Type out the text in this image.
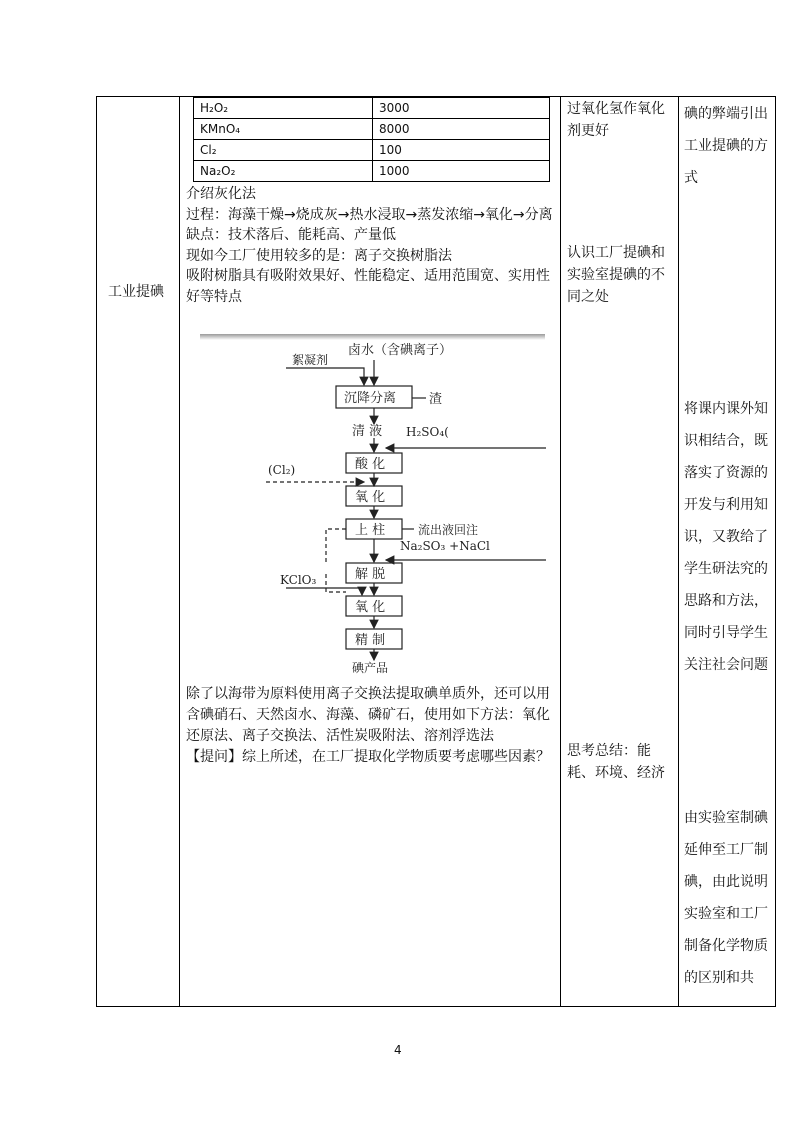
工业提碘
H₂O₂	3000
KMnO₄	8000
Cl₂	100
Na₂O₂	1000

介绍灰化法

过程：海藻干燥→烧成灰→热水浸取→蒸发浓缩→氧化→分离

缺点：技术落后、能耗高、产量低

现如今工厂使用较多的是：离子交换树脂法

吸附树脂具有吸附效果好、性能稳定、适用范围宽、实用性好等特点

卤水（含碘离子）
絮凝剂
沉降分离	渣
清 液 H₂SO₄(
酸 化
(Cl₂)
氧 化
上 柱	流出液回注
Na₂SO₃ +NaCl
解 脱
KClO₃
氧 化
精 制
碘产品

除了以海带为原料使用离子交换法提取碘单质外，还可以用含碘硝石、天然卤水、海藻、磷矿石，使用如下方法：氧化还原法、离子交换法、活性炭吸附法、溶剂浮选法

【提问】综上所述，在工厂提取化学物质要考虑哪些因素？

过氧化氢作氧化剂更好

认识工厂提碘和实验室提碘的不同之处

思考总结：能耗、环境、经济

碘的弊端引出工业提碘的方式

将课内课外知识相结合，既落实了资源的开发与利用知识，又教给了学生研法究的思路和方法，同时引导学生关注社会问题

由实验室制碘延伸至工厂制碘，由此说明实验室和工厂制备化学物质的区别和共

4
